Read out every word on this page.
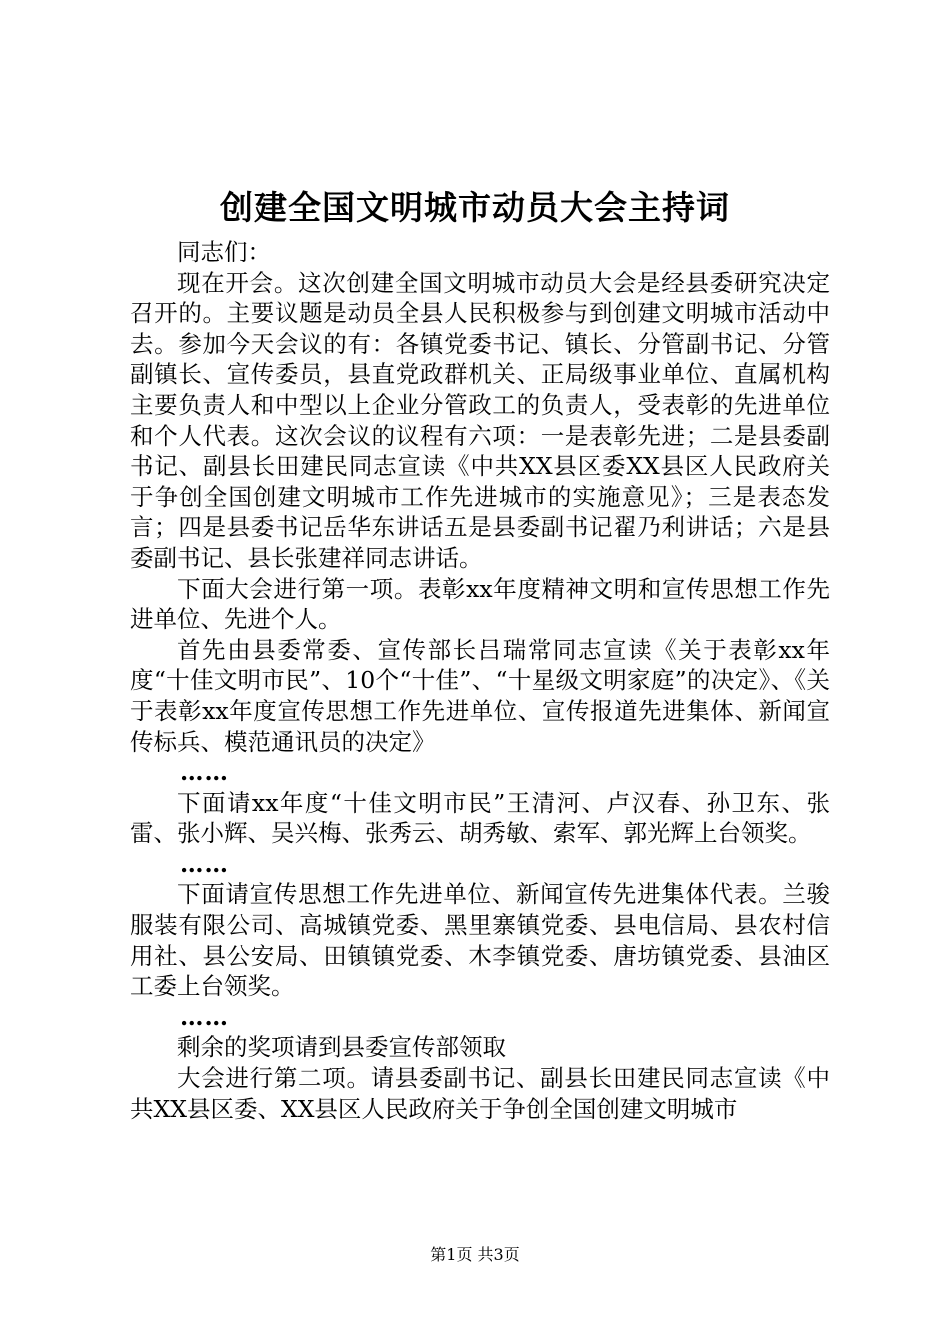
创建全国文明城市动员大会主持词

同志们：

现在开会。这次创建全国文明城市动员大会是经县委研究决定召开的。主要议题是动员全县人民积极参与到创建文明城市活动中去。参加今天会议的有：各镇党委书记、镇长、分管副书记、分管副镇长、宣传委员，县直党政群机关、正局级事业单位、直属机构主要负责人和中型以上企业分管政工的负责人，受表彰的先进单位和个人代表。这次会议的议程有六项：一是表彰先进；二是县委副书记、副县长田建民同志宣读《中共XX县区委XX县区人民政府关于争创全国创建文明城市工作先进城市的实施意见》；三是表态发言；四是县委书记岳华东讲话五是县委副书记翟乃利讲话；六是县委副书记、县长张建祥同志讲话。

下面大会进行第一项。表彰xx年度精神文明和宣传思想工作先进单位、先进个人。

首先由县委常委、宣传部长吕瑞常同志宣读《关于表彰xx年度“十佳文明市民”、10个“十佳”、“十星级文明家庭”的决定》、《关于表彰xx年度宣传思想工作先进单位、宣传报道先进集体、新闻宣传标兵、模范通讯员的决定》

……

下面请xx年度“十佳文明市民”王清河、卢汉春、孙卫东、张雷、张小辉、吴兴梅、张秀云、胡秀敏、索军、郭光辉上台领奖。

……

下面请宣传思想工作先进单位、新闻宣传先进集体代表。兰骏服装有限公司、高城镇党委、黑里寨镇党委、县电信局、县农村信用社、县公安局、田镇镇党委、木李镇党委、唐坊镇党委、县油区工委上台领奖。

……

剩余的奖项请到县委宣传部领取

大会进行第二项。请县委副书记、副县长田建民同志宣读《中共XX县区委、XX县区人民政府关于争创全国创建文明城市

第1页 共3页
